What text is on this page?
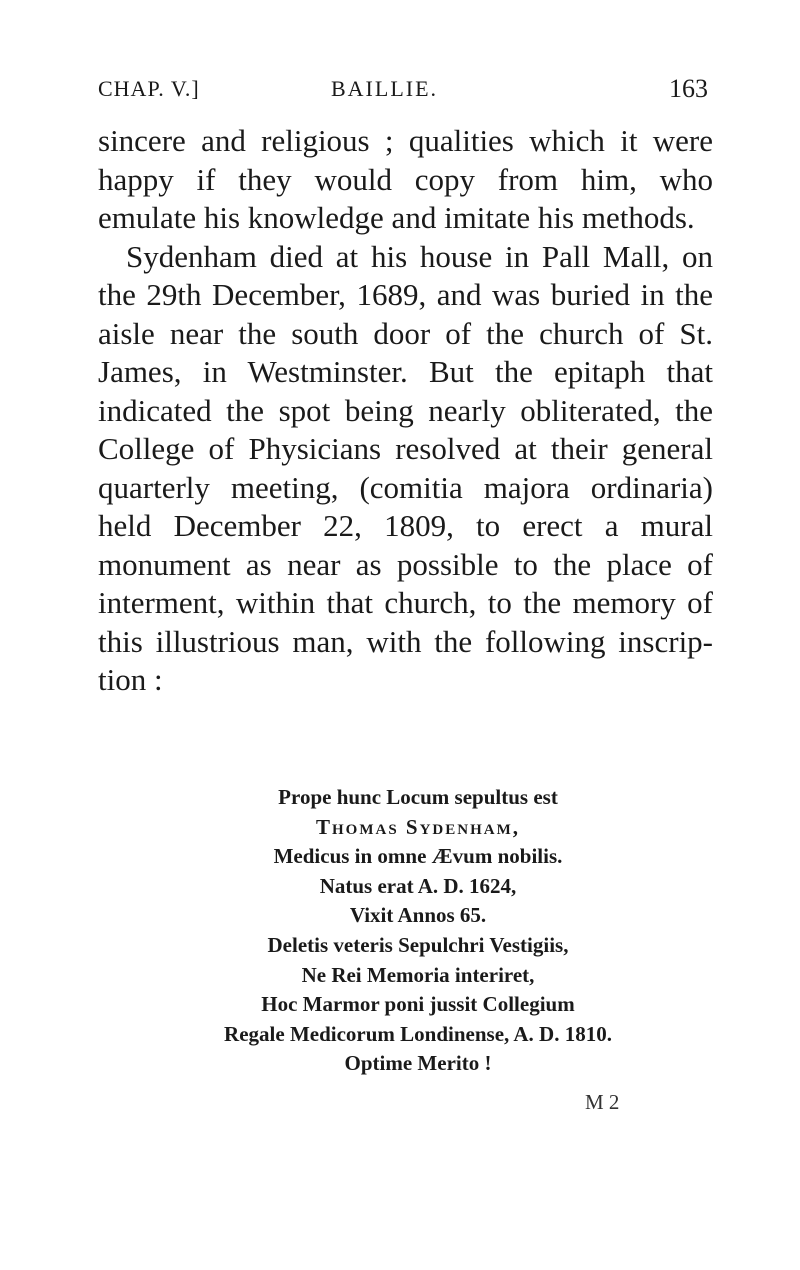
CHAP. V.]	BAILLIE.	163

sincere and religious ; qualities which it were happy if they would copy from him, who emulate his knowledge and imitate his methods.

Sydenham died at his house in Pall Mall, on the 29th December, 1689, and was buried in the aisle near the south door of the church of St. James, in Westminster. But the epitaph that indicated the spot being nearly obliterated, the College of Physicians resolved at their general quarterly meeting, (comitia majora ordinaria) held December 22, 1809, to erect a mural monument as near as possible to the place of interment, within that church, to the memory of this illustrious man, with the following inscrip- tion :

Prope hunc Locum sepultus est
Thomas Sydenham,
Medicus in omne Ævum nobilis.
Natus erat A. D. 1624,
Vixit Annos 65.
Deletis veteris Sepulchri Vestigiis,
Ne Rei Memoria interiret,
Hoc Marmor poni jussit Collegium
Regale Medicorum Londinense, A. D. 1810.
Optime Merito !
M 2
